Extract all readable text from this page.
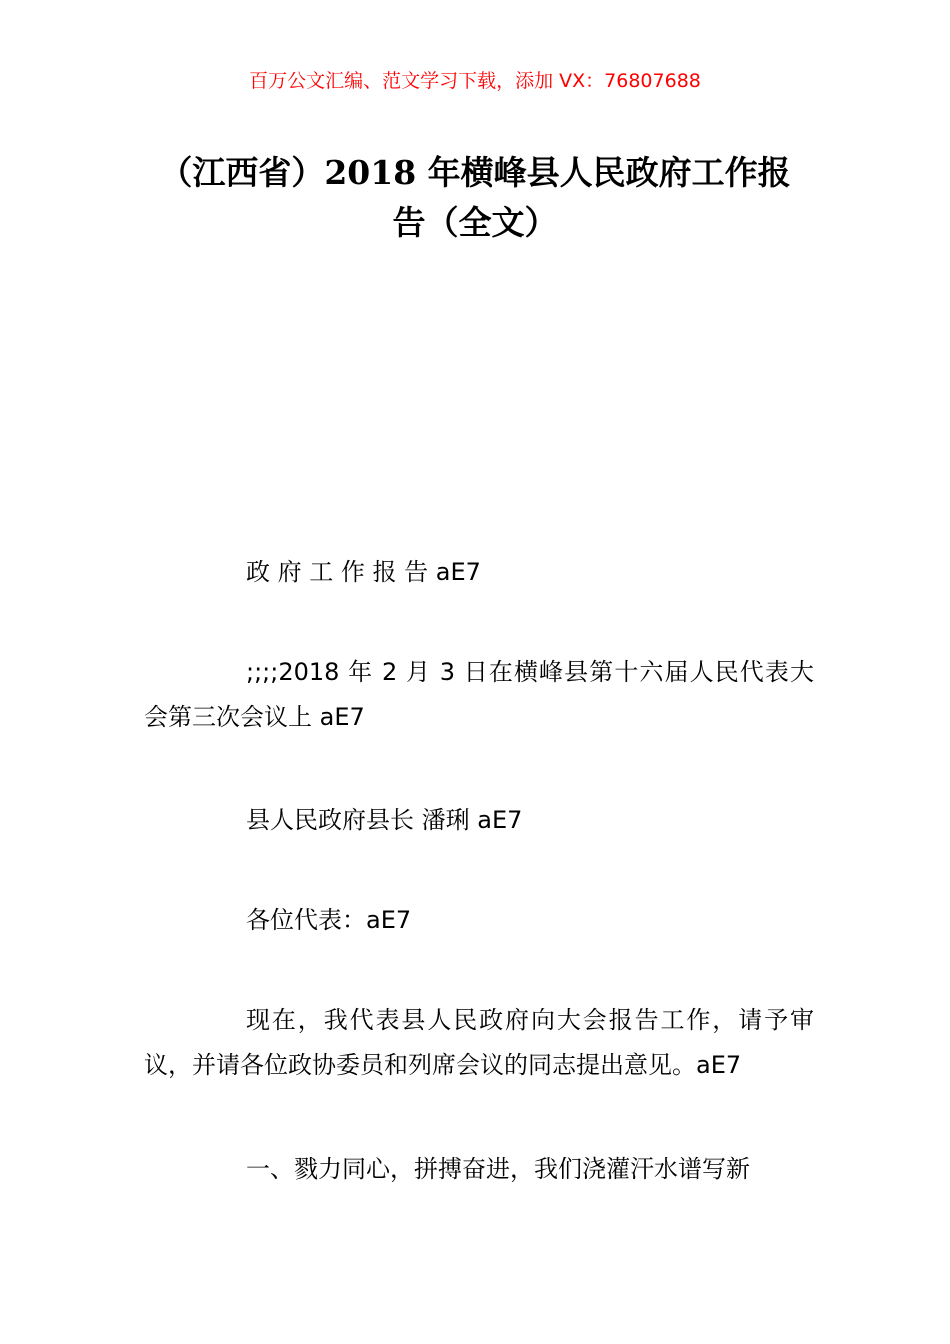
百万公文汇编、范文学习下载，添加 VX：76807688
（江西省）2018 年横峰县人民政府工作报
告（全文）

政 府 工 作 报 告 aE7

;;;;2018 年 2 月 3 日在横峰县第十六届人民代表大会第三次会议上 aE7

县人民政府县长 潘琍 aE7

各位代表：aE7

现在，我代表县人民政府向大会报告工作，请予审议，并请各位政协委员和列席会议的同志提出意见。aE7

一、戮力同心，拼搏奋进，我们浇灌汗水谱写新
